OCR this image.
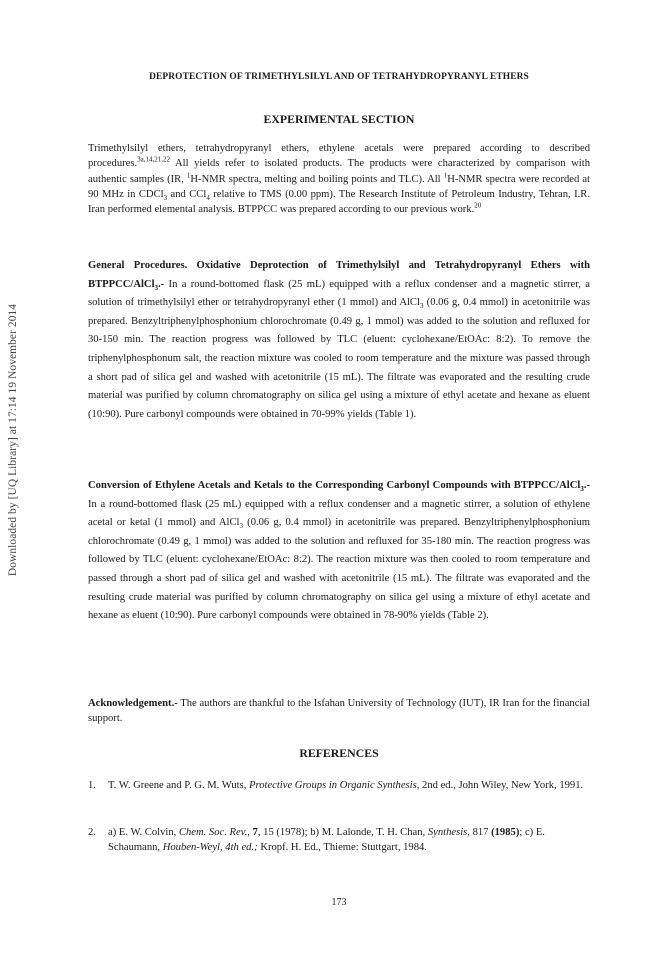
Downloaded by [UQ Library] at 17:14 19 November 2014
DEPROTECTION OF TRIMETHYLSILYL AND OF TETRAHYDROPYRANYL ETHERS
EXPERIMENTAL SECTION

Trimethylsilyl ethers, tetrahydropyranyl ethers, ethylene acetals were prepared according to described procedures.$^{3a,14,21,22}$ All yields refer to isolated products. The products were characterized by comparison with authentic samples (IR, $^1$H-NMR spectra, melting and boiling points and TLC). All $^1$H-NMR spectra were recorded at 90 MHz in CDCl$_3$ and CCl$_4$ relative to TMS (0.00 ppm). The Research Institute of Petroleum Industry, Tehran, I.R. Iran performed elemental analysis. BTPPCC was prepared according to our previous work.$^{20}$

General Procedures. Oxidative Deprotection of Trimethylsilyl and Tetrahydropyranyl Ethers with BTPPCC/AlCl$_3$.- In a round-bottomed flask (25 mL) equipped with a reflux condenser and a magnetic stirrer, a solution of trimethylsilyl ether or tetrahydropyranyl ether (1 mmol) and AlCl$_3$ (0.06 g, 0.4 mmol) in acetonitrile was prepared. Benzyltriphenylphosphonium chlorochromate (0.49 g, 1 mmol) was added to the solution and refluxed for 30-150 min. The reaction progress was followed by TLC (eluent: cyclohexane/EtOAc: 8:2). To remove the triphenylphosphonum salt, the reaction mixture was cooled to room temperature and the mixture was passed through a short pad of silica gel and washed with acetonitrile (15 mL). The filtrate was evaporated and the resulting crude material was purified by column chromatography on silica gel using a mixture of ethyl acetate and hexane as eluent (10:90). Pure carbonyl compounds were obtained in 70-99% yields (Table 1).

Conversion of Ethylene Acetals and Ketals to the Corresponding Carbonyl Compounds with BTPPCC/AlCl$_3$.- In a round-bottomed flask (25 mL) equipped with a reflux condenser and a magnetic stirrer, a solution of ethylene acetal or ketal (1 mmol) and AlCl$_3$ (0.06 g, 0.4 mmol) in acetonitrile was prepared. Benzyltriphenylphosphonium chlorochromate (0.49 g, 1 mmol) was added to the solution and refluxed for 35-180 min. The reaction progress was followed by TLC (eluent: cyclohexane/EtOAc: 8:2). The reaction mixture was then cooled to room temperature and passed through a short pad of silica gel and washed with acetonitrile (15 mL). The filtrate was evaporated and the resulting crude material was purified by column chromatography on silica gel using a mixture of ethyl acetate and hexane as eluent (10:90). Pure carbonyl compounds were obtained in 78-90% yields (Table 2).

Acknowledgement.- The authors are thankful to the Isfahan University of Technology (IUT), IR Iran for the financial support.

REFERENCES
1.	T. W. Greene and P. G. M. Wuts, Protective Groups in Organic Synthesis, 2nd ed., John Wiley, New York, 1991.
2.	a) E. W. Colvin, Chem. Soc. Rev., 7, 15 (1978); b) M. Lalonde, T. H. Chan, Synthesis, 817 (1985); c) E. Schaumann, Houben-Weyl, 4th ed.; Kropf. H. Ed., Thieme: Stuttgart, 1984.
173
